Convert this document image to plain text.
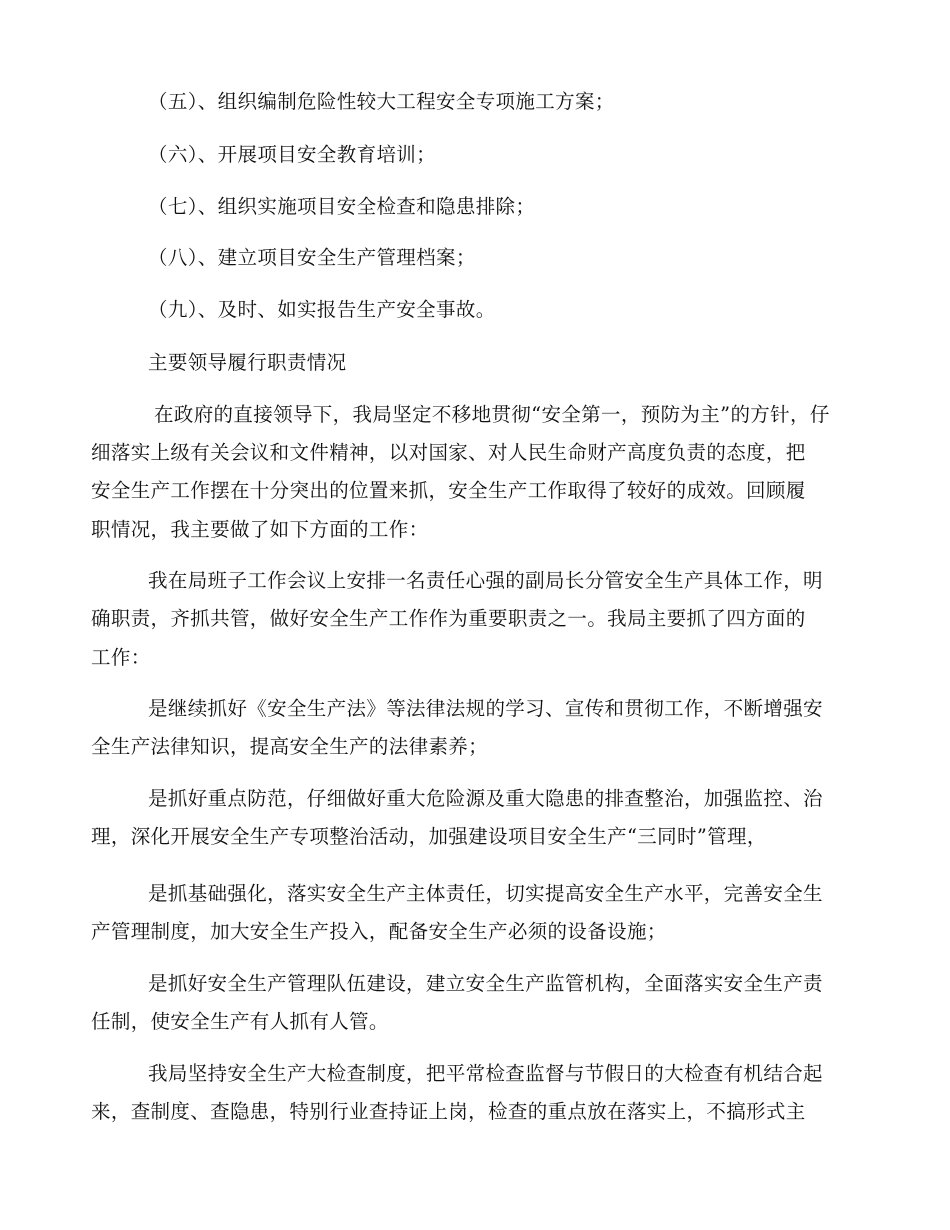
（五）、组织编制危险性较大工程安全专项施工方案；
（六）、开展项目安全教育培训；
（七）、组织实施项目安全检查和隐患排除；
（八）、建立项目安全生产管理档案；
（九）、及时、如实报告生产安全事故。
主要领导履行职责情况
在政府的直接领导下，我局坚定不移地贯彻“安全第一，预防为主”的方针，仔
细落实上级有关会议和文件精神，以对国家、对人民生命财产高度负责的态度，把
安全生产工作摆在十分突出的位置来抓，安全生产工作取得了较好的成效。回顾履
职情况，我主要做了如下方面的工作：
我在局班子工作会议上安排一名责任心强的副局长分管安全生产具体工作，明
确职责，齐抓共管，做好安全生产工作作为重要职责之一。我局主要抓了四方面的
工作：
是继续抓好《安全生产法》等法律法规的学习、宣传和贯彻工作，不断增强安
全生产法律知识，提高安全生产的法律素养；
是抓好重点防范，仔细做好重大危险源及重大隐患的排查整治，加强监控、治
理，深化开展安全生产专项整治活动，加强建设项目安全生产“三同时”管理，
是抓基础强化，落实安全生产主体责任，切实提高安全生产水平，完善安全生
产管理制度，加大安全生产投入，配备安全生产必须的设备设施；
是抓好安全生产管理队伍建设，建立安全生产监管机构，全面落实安全生产责
任制，使安全生产有人抓有人管。
我局坚持安全生产大检查制度，把平常检查监督与节假日的大检查有机结合起
来，查制度、查隐患，特别行业查持证上岗，检查的重点放在落实上，不搞形式主
